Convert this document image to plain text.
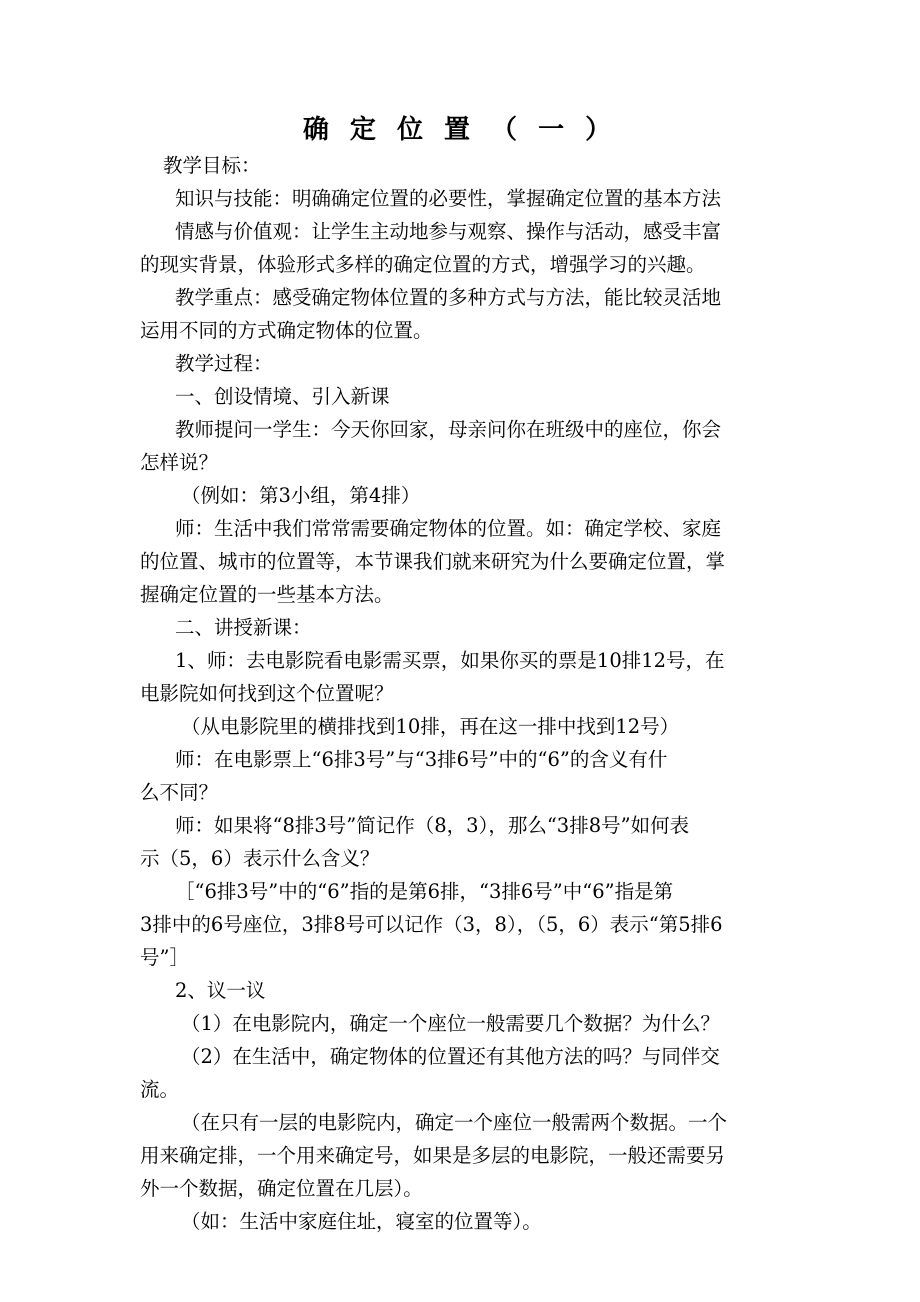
确 定 位 置 （ 一 ）
教学目标：
知识与技能：明确确定位置的必要性，掌握确定位置的基本方法
情感与价值观：让学生主动地参与观察、操作与活动，感受丰富
的现实背景，体验形式多样的确定位置的方式，增强学习的兴趣。
教学重点：感受确定物体位置的多种方式与方法，能比较灵活地
运用不同的方式确定物体的位置。
教学过程：
一、创设情境、引入新课
教师提问一学生：今天你回家，母亲问你在班级中的座位，你会
怎样说？
（例如：第3小组，第4排）
师：生活中我们常常需要确定物体的位置。如：确定学校、家庭
的位置、城市的位置等，本节课我们就来研究为什么要确定位置，掌
握确定位置的一些基本方法。
二、讲授新课：
1、师：去电影院看电影需买票，如果你买的票是10排12号，在
电影院如何找到这个位置呢？
（从电影院里的横排找到10排，再在这一排中找到12号）
师：在电影票上“6排3号”与“3排6号”中的“6”的含义有什
么不同？
师：如果将“8排3号”简记作（8，3），那么“3排8号”如何表
示（5，6）表示什么含义？
［“6排3号”中的“6”指的是第6排，“3排6号”中“6”指是第
3排中的6号座位，3排8号可以记作（3，8），（5，6）表示“第5排6
号”］
2、议一议
（1）在电影院内，确定一个座位一般需要几个数据？为什么？
（2）在生活中，确定物体的位置还有其他方法的吗？与同伴交
流。
（在只有一层的电影院内，确定一个座位一般需两个数据。一个
用来确定排，一个用来确定号，如果是多层的电影院，一般还需要另
外一个数据，确定位置在几层）。
（如：生活中家庭住址，寝室的位置等）。
